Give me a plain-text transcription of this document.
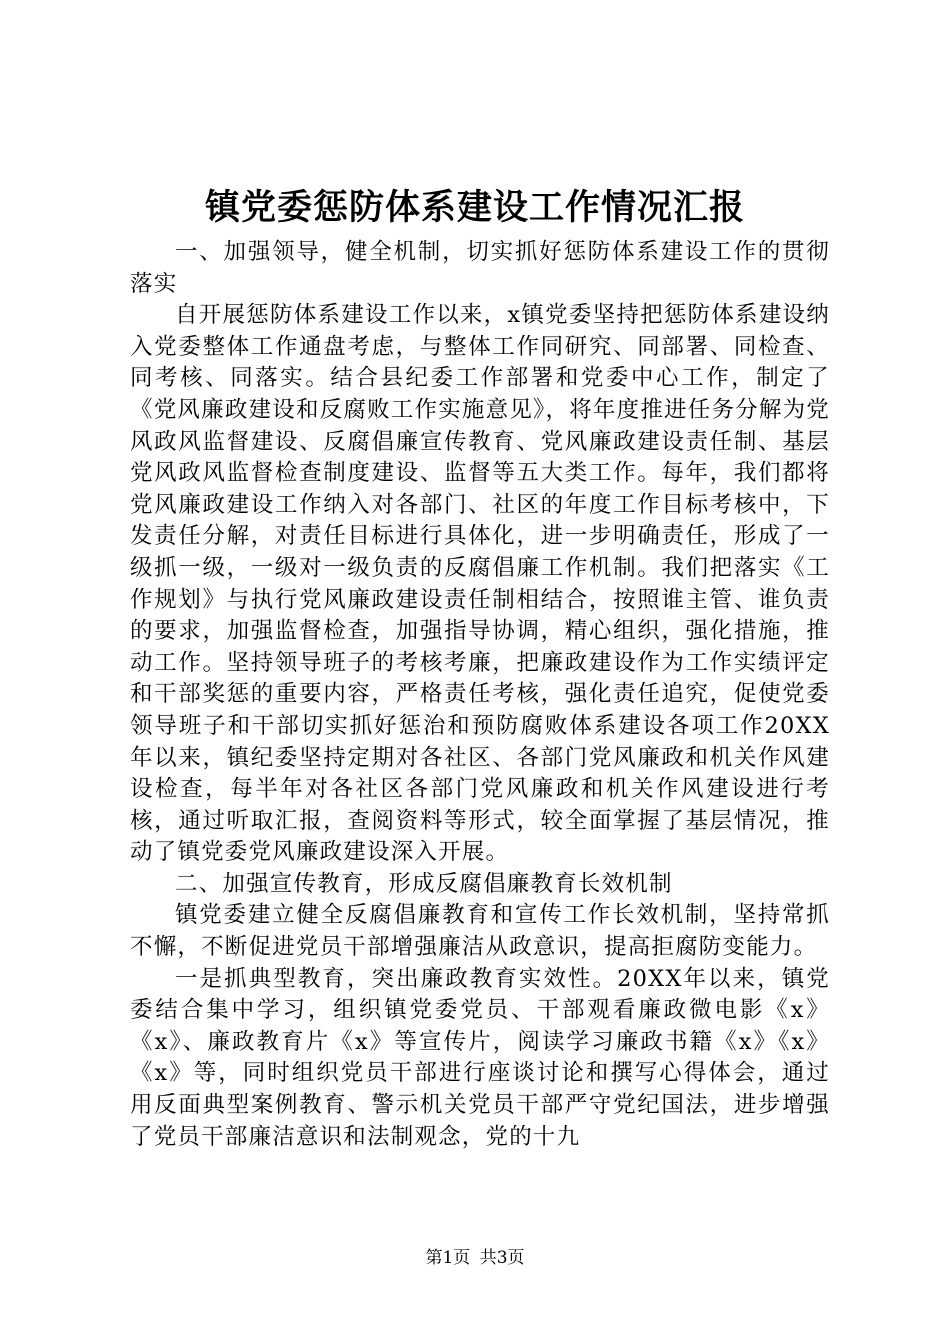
镇党委惩防体系建设工作情况汇报

一、加强领导，健全机制，切实抓好惩防体系建设工作的贯彻落实

自开展惩防体系建设工作以来，x镇党委坚持把惩防体系建设纳入党委整体工作通盘考虑，与整体工作同研究、同部署、同检查、同考核、同落实。结合县纪委工作部署和党委中心工作，制定了《党风廉政建设和反腐败工作实施意见》，将年度推进任务分解为党风政风监督建设、反腐倡廉宣传教育、党风廉政建设责任制、基层党风政风监督检查制度建设、监督等五大类工作。每年，我们都将党风廉政建设工作纳入对各部门、社区的年度工作目标考核中，下发责任分解，对责任目标进行具体化，进一步明确责任，形成了一级抓一级，一级对一级负责的反腐倡廉工作机制。我们把落实《工作规划》与执行党风廉政建设责任制相结合，按照谁主管、谁负责的要求，加强监督检查，加强指导协调，精心组织，强化措施，推动工作。坚持领导班子的考核考廉，把廉政建设作为工作实绩评定和干部奖惩的重要内容，严格责任考核，强化责任追究，促使党委领导班子和干部切实抓好惩治和预防腐败体系建设各项工作20XX年以来，镇纪委坚持定期对各社区、各部门党风廉政和机关作风建设检查，每半年对各社区各部门党风廉政和机关作风建设进行考核，通过听取汇报，查阅资料等形式，较全面掌握了基层情况，推动了镇党委党风廉政建设深入开展。

二、加强宣传教育，形成反腐倡廉教育长效机制

镇党委建立健全反腐倡廉教育和宣传工作长效机制，坚持常抓不懈，不断促进党员干部增强廉洁从政意识，提高拒腐防变能力。

一是抓典型教育，突出廉政教育实效性。20XX年以来，镇党委结合集中学习，组织镇党委党员、干部观看廉政微电影《x》《x》、廉政教育片《x》等宣传片，阅读学习廉政书籍《x》《x》《x》等，同时组织党员干部进行座谈讨论和撰写心得体会，通过用反面典型案例教育、警示机关党员干部严守党纪国法，进步增强了党员干部廉洁意识和法制观念，党的十九

第1页 共3页
